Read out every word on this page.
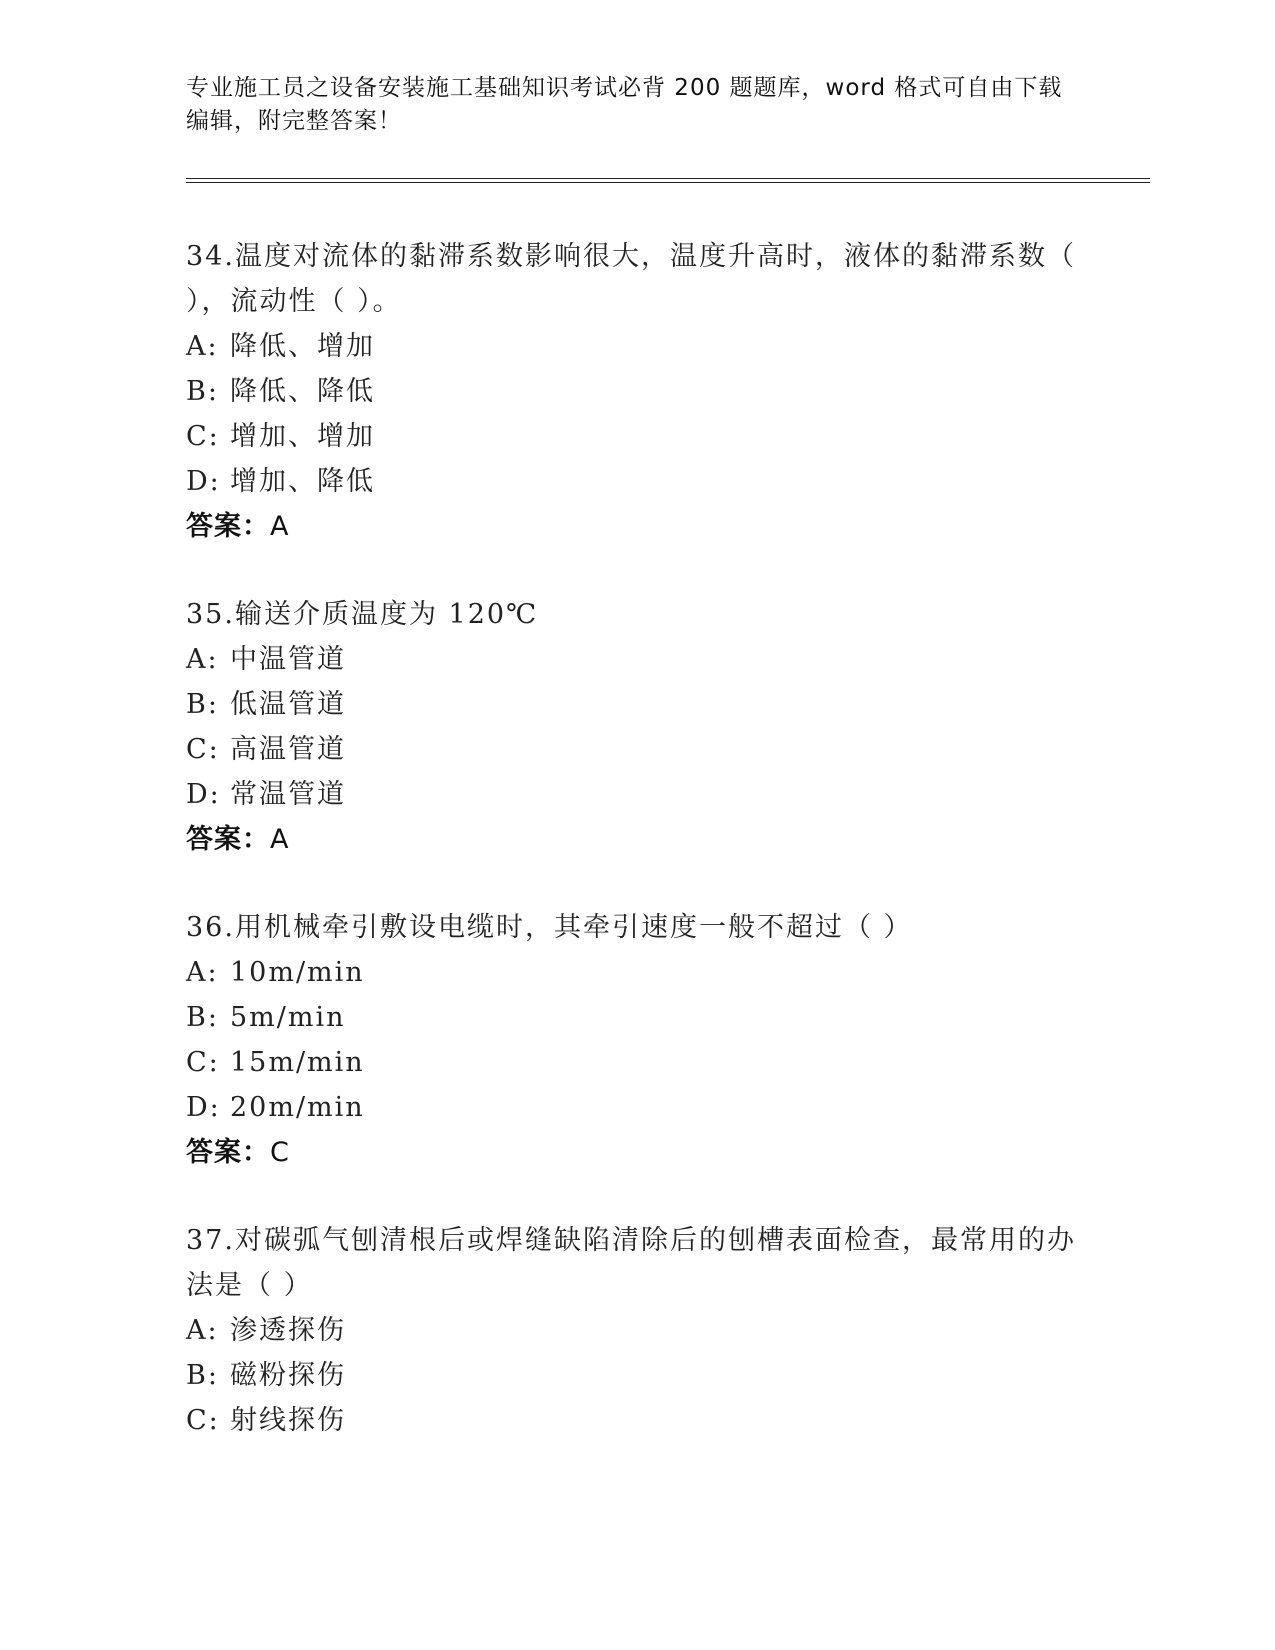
专业施工员之设备安装施工基础知识考试必背 200 题题库，word 格式可自由下载
编辑，附完整答案！

34.温度对流体的黏滞系数影响很大，温度升高时，液体的黏滞系数（

），流动性（ ）。

A: 降低、增加

B: 降低、降低

C: 增加、增加

D: 增加、降低

答案：A

35.输送介质温度为 120℃

A: 中温管道

B: 低温管道

C: 高温管道

D: 常温管道

答案：A

36.用机械牵引敷设电缆时，其牵引速度一般不超过（ ）

A: 10m/min

B: 5m/min

C: 15m/min

D: 20m/min

答案：C

37.对碳弧气刨清根后或焊缝缺陷清除后的刨槽表面检查，最常用的办

法是（ ）

A: 渗透探伤

B: 磁粉探伤

C: 射线探伤
